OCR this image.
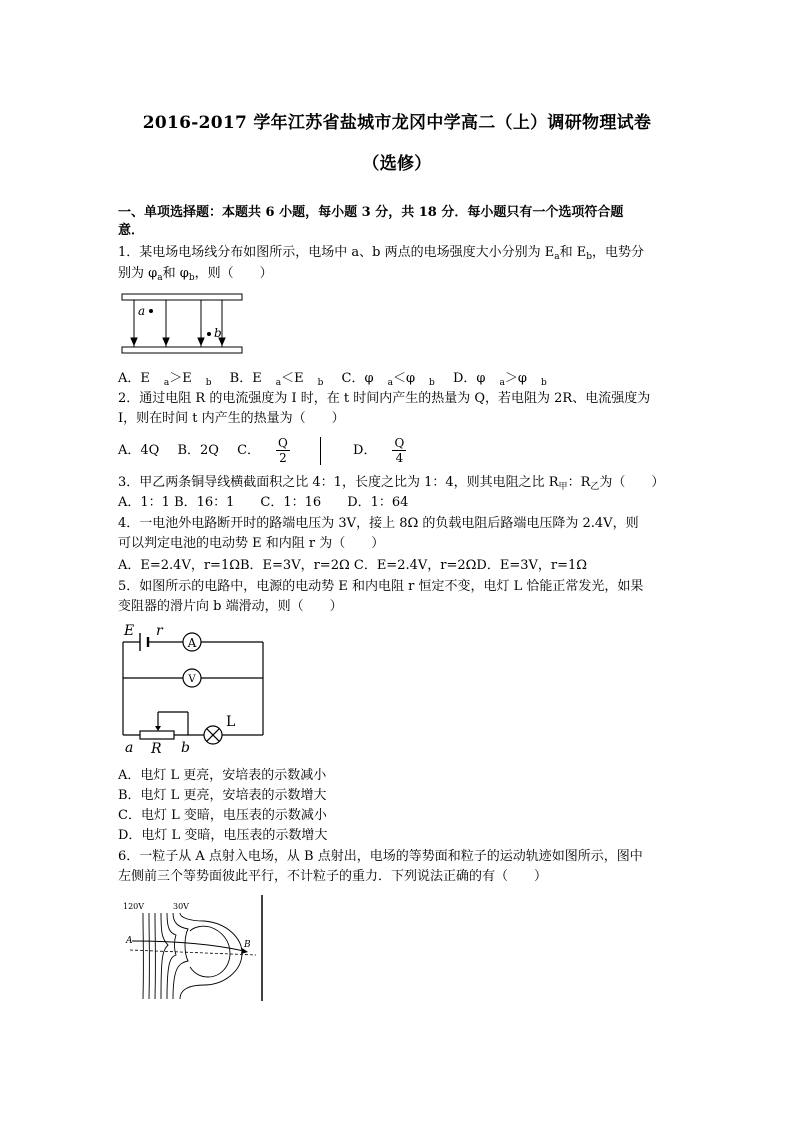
2016-2017 学年江苏省盐城市龙冈中学高二（上）调研物理试卷
（选修）
一、单项选择题：本题共 6 小题，每小题 3 分，共 18 分．每小题只有一个选项符合题
意．
1．某电场电场线分布如图所示，电场中 a、b 两点的电场强度大小分别为 $E_a$和 $E_b$，电势分
别为 $\varphi_a$和 $\varphi_b$，则（　　）
a
b
A．E $_a$＞E $_b$ B．E $_a$＜E $_b$ C．φ $_a$＜φ $_b$ D．φ $_a$＞φ $_b$
2．通过电阻 R 的电流强度为 I 时，在 t 时间内产生的热量为 Q，若电阻为 2R、电流强度为
I，则在时间 t 内产生的热量为（　　）
A．4Q B．2Q C． $\frac{Q}{2}$	D． $\frac{Q}{4}$
3．甲乙两条铜导线横截面积之比 4：1，长度之比为 1：4，则其电阻之比 $R_甲$：$R_乙$为（　　）
A．1：1 B．16：1　　C．1：16　　D．1：64
4．一电池外电路断开时的路端电压为 3V，接上 8Ω 的负载电阻后路端电压降为 2.4V，则
可以判定电池的电动势 E 和内阻 r 为（　　）
A．E=2.4V，r=1ΩB．E=3V，r=2Ω C．E=2.4V，r=2ΩD．E=3V，r=1Ω
5．如图所示的电路中，电源的电动势 E 和内电阻 r 恒定不变，电灯 L 恰能正常发光，如果
变阻器的滑片向 b 端滑动，则（　　）
E r
A
V
L
a R b
A．电灯 L 更亮，安培表的示数减小
B．电灯 L 更亮，安培表的示数增大
C．电灯 L 变暗，电压表的示数减小
D．电灯 L 变暗，电压表的示数增大
6．一粒子从 A 点射入电场，从 B 点射出，电场的等势面和粒子的运动轨迹如图所示，图中
左侧前三个等势面彼此平行，不计粒子的重力．下列说法正确的有（　　）
120V	30V
A	B
